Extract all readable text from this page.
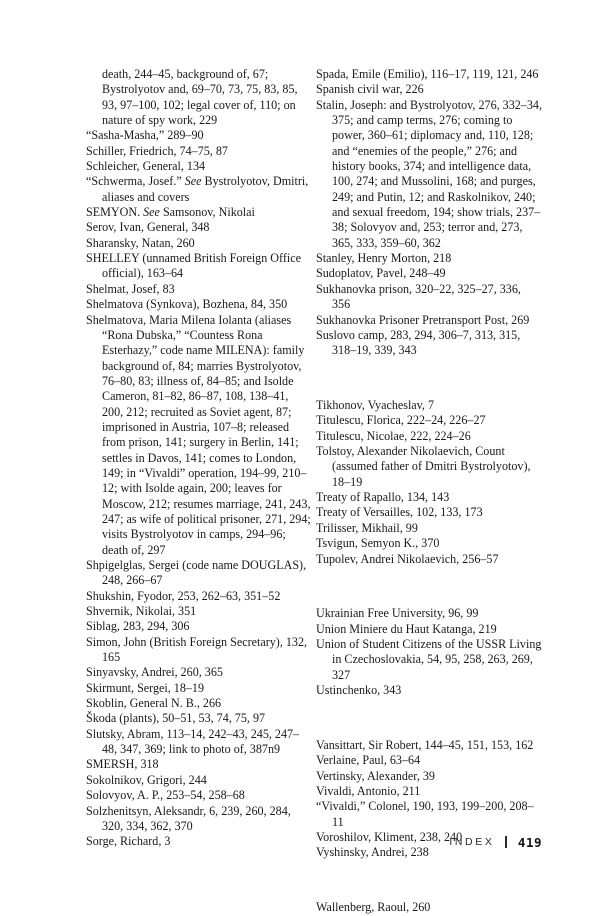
death, 244–45, background of, 67; Bystrolyotov and, 69–70, 73, 75, 83, 85, 93, 97–100, 102; legal cover of, 110; on nature of spy work, 229

“Sasha-Masha,” 289–90

Schiller, Friedrich, 74–75, 87

Schleicher, General, 134

“Schwerma, Josef.” See Bystrolyotov, Dmitri, aliases and covers

SEMYON. See Samsonov, Nikolai

Serov, Ivan, General, 348

Sharansky, Natan, 260

SHELLEY (unnamed British Foreign Office official), 163–64

Shelmat, Josef, 83

Shelmatova (Synkova), Bozhena, 84, 350

Shelmatova, Maria Milena Iolanta (aliases “Rona Dubska,” “Countess Rona Esterhazy,” code name MILENA): family background of, 84; marries Bystrolyotov, 76–80, 83; illness of, 84–85; and Isolde Cameron, 81–82, 86–87, 108, 138–41, 200, 212; recruited as Soviet agent, 87; imprisoned in Austria, 107–8; released from prison, 141; surgery in Berlin, 141; settles in Davos, 141; comes to London, 149; in “Vivaldi” operation, 194–99, 210–12; with Isolde again, 200; leaves for Moscow, 212; resumes marriage, 241, 243, 247; as wife of political prisoner, 271, 294; visits Bystrolyotov in camps, 294–96; death of, 297

Shpigelglas, Sergei (code name DOUGLAS), 248, 266–67

Shukshin, Fyodor, 253, 262–63, 351–52

Shvernik, Nikolai, 351

Siblag, 283, 294, 306

Simon, John (British Foreign Secretary), 132, 165

Sinyavsky, Andrei, 260, 365

Skirmunt, Sergei, 18–19

Skoblin, General N. B., 266

Škoda (plants), 50–51, 53, 74, 75, 97

Slutsky, Abram, 113–14, 242–43, 245, 247–48, 347, 369; link to photo of, 387n9

SMERSH, 318

Sokolnikov, Grigori, 244

Solovyov, A. P., 253–54, 258–68

Solzhenitsyn, Aleksandr, 6, 239, 260, 284, 320, 334, 362, 370

Sorge, Richard, 3

Spada, Emile (Emilio), 116–17, 119, 121, 246

Spanish civil war, 226

Stalin, Joseph: and Bystrolyotov, 276, 332–34, 375; and camp terms, 276; coming to power, 360–61; diplomacy and, 110, 128; and “enemies of the people,” 276; and history books, 374; and intelligence data, 100, 274; and Mussolini, 168; and purges, 249; and Putin, 12; and Raskolnikov, 240; and sexual freedom, 194; show trials, 237–38; Solovyov and, 253; terror and, 273, 365, 333, 359–60, 362

Stanley, Henry Morton, 218

Sudoplatov, Pavel, 248–49

Sukhanovka prison, 320–22, 325–27, 336, 356

Sukhanovka Prisoner Pretransport Post, 269

Suslovo camp, 283, 294, 306–7, 313, 315, 318–19, 339, 343

Tikhonov, Vyacheslav, 7

Titulescu, Florica, 222–24, 226–27

Titulescu, Nicolae, 222, 224–26

Tolstoy, Alexander Nikolaevich, Count (assumed father of Dmitri Bystrolyotov), 18–19

Treaty of Rapallo, 134, 143

Treaty of Versailles, 102, 133, 173

Trilisser, Mikhail, 99

Tsvigun, Semyon K., 370

Tupolev, Andrei Nikolaevich, 256–57

Ukrainian Free University, 96, 99

Union Miniere du Haut Katanga, 219

Union of Student Citizens of the USSR Living in Czechoslovakia, 54, 95, 258, 263, 269, 327

Ustinchenko, 343

Vansittart, Sir Robert, 144–45, 151, 153, 162

Verlaine, Paul, 63–64

Vertinsky, Alexander, 39

Vivaldi, Antonio, 211

“Vivaldi,” Colonel, 190, 193, 199–200, 208–11

Voroshilov, Kliment, 238, 240

Vyshinsky, Andrei, 238

Wallenberg, Raoul, 260

INDEX 419
